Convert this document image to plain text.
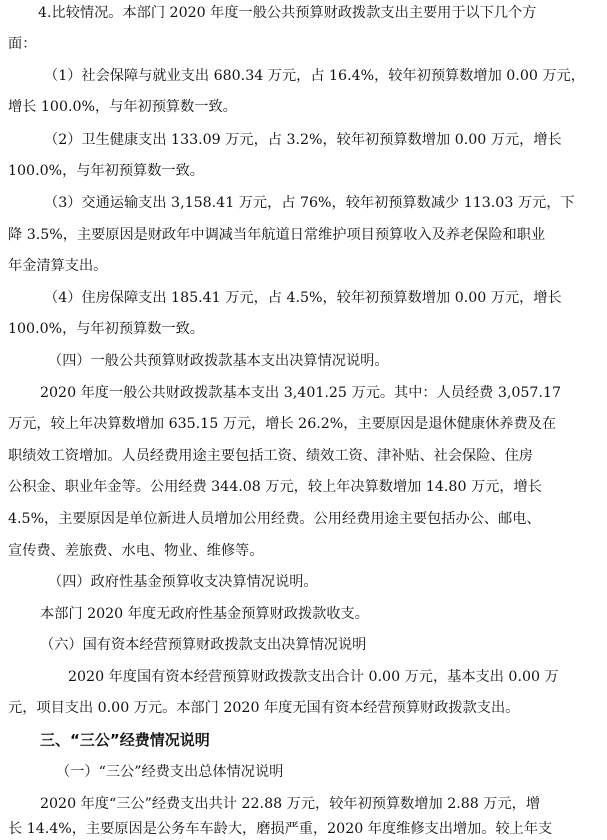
4.比较情况。本部门 2020 年度一般公共预算财政拨款支出主要用于以下几个方
面：
（1）社会保障与就业支出 680.34 万元，占 16.4%，较年初预算数增加 0.00 万元，
增长 100.0%，与年初预算数一致。
（2）卫生健康支出 133.09 万元，占 3.2%，较年初预算数增加 0.00 万元，增长
100.0%，与年初预算数一致。
（3）交通运输支出 3,158.41 万元，占 76%，较年初预算数减少 113.03 万元，下
降 3.5%，主要原因是财政年中调减当年航道日常维护项目预算收入及养老保险和职业
年金清算支出。
（4）住房保障支出 185.41 万元，占 4.5%，较年初预算数增加 0.00 万元，增长
100.0%，与年初预算数一致。
（四）一般公共预算财政拨款基本支出决算情况说明。
2020 年度一般公共财政拨款基本支出 3,401.25 万元。其中：人员经费 3,057.17
万元，较上年决算数增加 635.15 万元，增长 26.2%，主要原因是退休健康休养费及在
职绩效工资增加。人员经费用途主要包括工资、绩效工资、津补贴、社会保险、住房
公积金、职业年金等。公用经费 344.08 万元，较上年决算数增加 14.80 万元，增长
4.5%，主要原因是单位新进人员增加公用经费。公用经费用途主要包括办公、邮电、
宣传费、差旅费、水电、物业、维修等。
（四）政府性基金预算收支决算情况说明。
本部门 2020 年度无政府性基金预算财政拨款收支。
（六）国有资本经营预算财政拨款支出决算情况说明
2020 年度国有资本经营预算财政拨款支出合计 0.00 万元，基本支出 0.00 万
元，项目支出 0.00 万元。本部门 2020 年度无国有资本经营预算财政拨款支出。
三、“三公”经费情况说明
（一）“三公”经费支出总体情况说明
2020 年度“三公”经费支出共计 22.88 万元，较年初预算数增加 2.88 万元，增
长 14.4%，主要原因是公务车车龄大，磨损严重，2020 年度维修支出增加。较上年支
